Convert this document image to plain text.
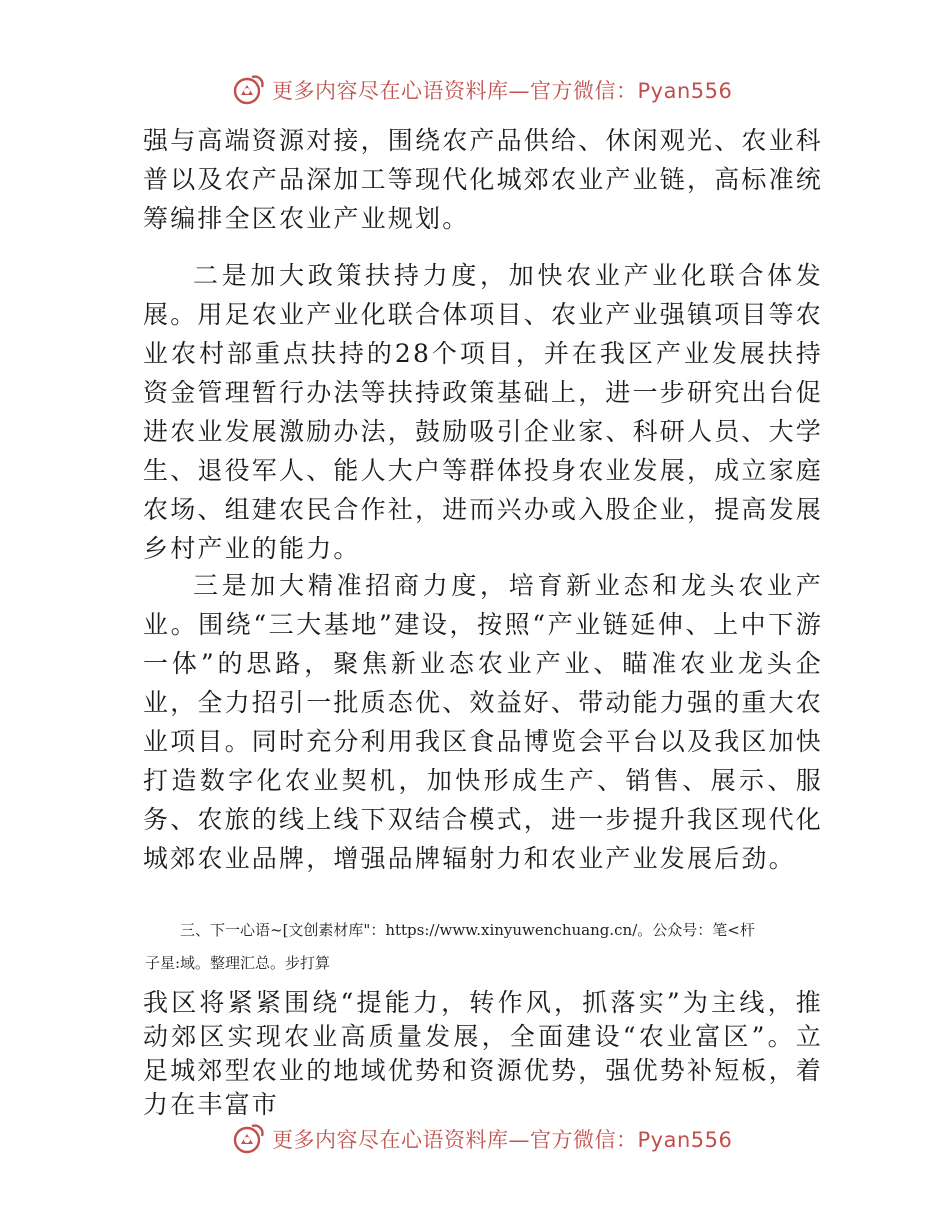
更多内容尽在心语资料库—官方微信：Pyan556

强与高端资源对接，围绕农产品供给、休闲观光、农业科普以及农产品深加工等现代化城郊农业产业链，高标准统筹编排全区农业产业规划。

二是加大政策扶持力度，加快农业产业化联合体发展。用足农业产业化联合体项目、农业产业强镇项目等农业农村部重点扶持的28个项目，并在我区产业发展扶持资金管理暂行办法等扶持政策基础上，进一步研究出台促进农业发展激励办法，鼓励吸引企业家、科研人员、大学生、退役军人、能人大户等群体投身农业发展，成立家庭农场、组建农民合作社，进而兴办或入股企业，提高发展乡村产业的能力。

三是加大精准招商力度，培育新业态和龙头农业产业。围绕“三大基地”建设，按照“产业链延伸、上中下游一体”的思路，聚焦新业态农业产业、瞄准农业龙头企业，全力招引一批质态优、效益好、带动能力强的重大农业项目。同时充分利用我区食品博览会平台以及我区加快打造数字化农业契机，加快形成生产、销售、展示、服务、农旅的线上线下双结合模式，进一步提升我区现代化城郊农业品牌，增强品牌辐射力和农业产业发展后劲。

三、下一心语~[文创素材库"：https://www.xinyuwenchuang.cn/。公众号：笔<杆
子星:域。整理汇总。步打算

我区将紧紧围绕“提能力，转作风，抓落实”为主线，推动郊区实现农业高质量发展，全面建设“农业富区”。立足城郊型农业的地域优势和资源优势，强优势补短板，着力在丰富市

更多内容尽在心语资料库—官方微信：Pyan556
